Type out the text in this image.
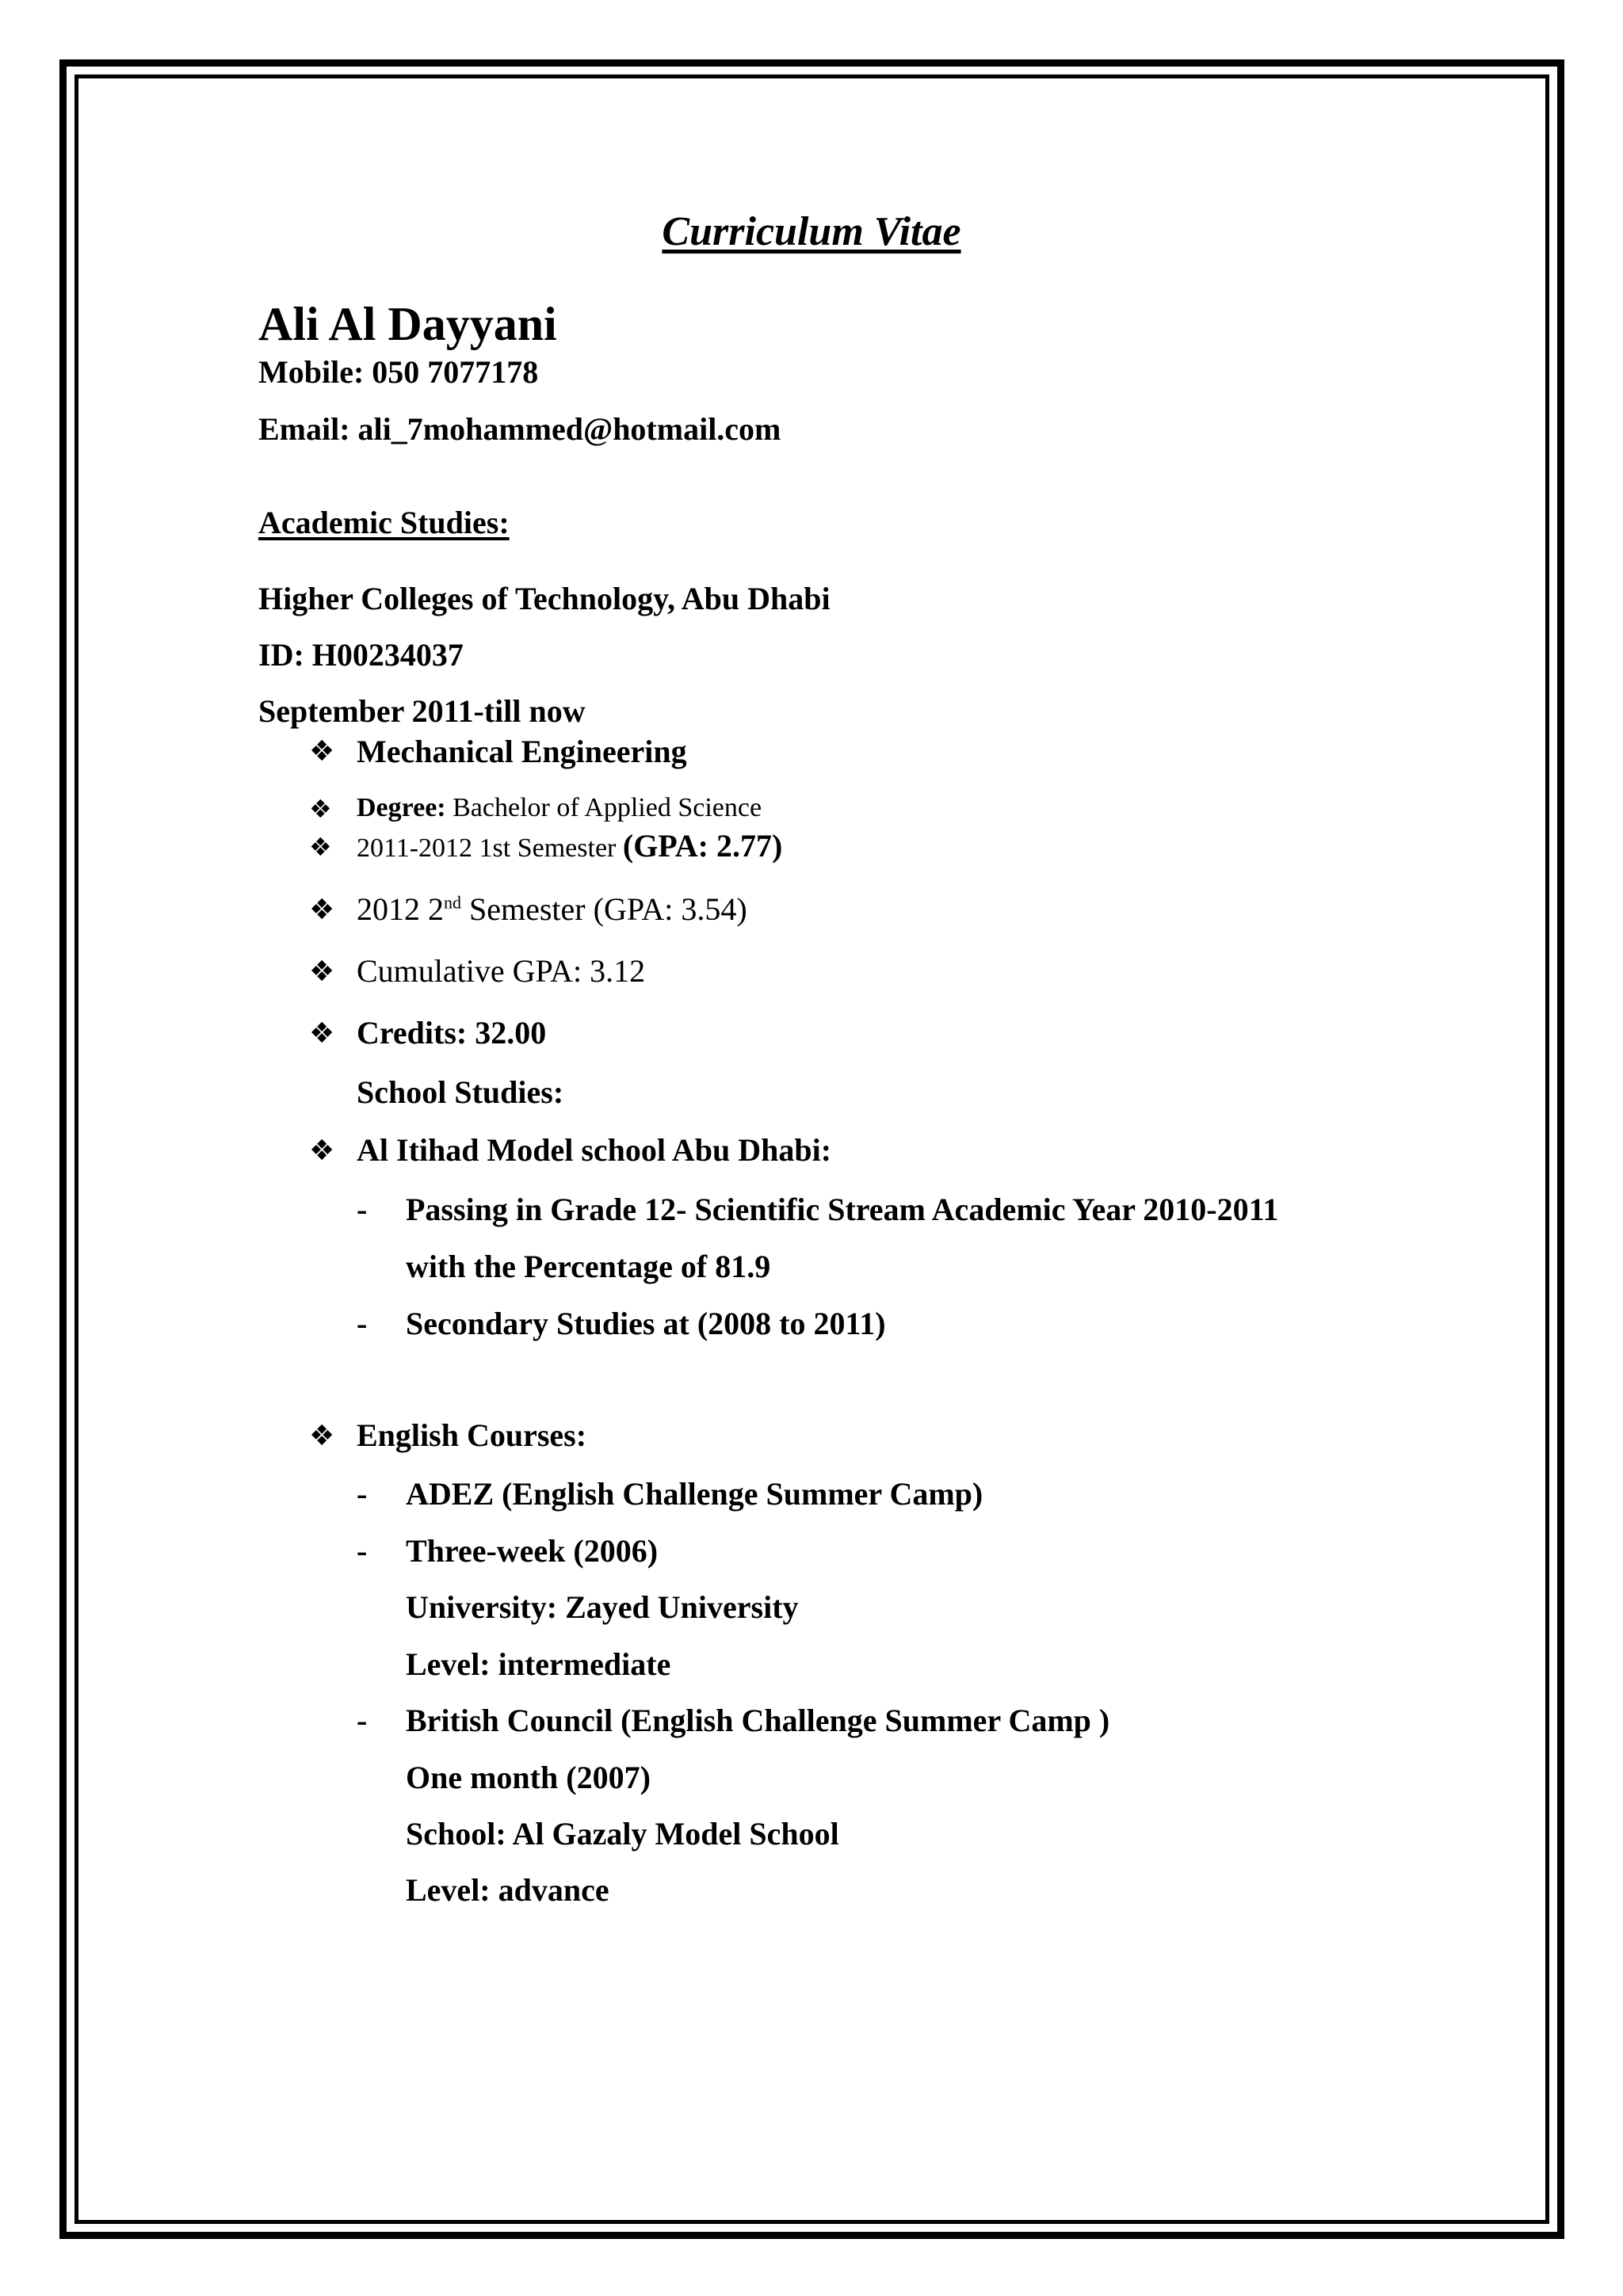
Curriculum Vitae
Ali Al Dayyani
Mobile: 050 7077178
Email: ali_7mohammed@hotmail.com
Academic Studies:
Higher Colleges of Technology, Abu Dhabi
ID: H00234037
September 2011-till now
❖ Mechanical Engineering
❖ Degree: Bachelor of Applied Science
❖ 2011-2012 1st Semester (GPA: 2.77)
❖ 2012 2nd Semester (GPA: 3.54)
❖ Cumulative GPA: 3.12
❖ Credits: 32.00
School Studies:
❖ Al Itihad Model school Abu Dhabi:
- Passing in Grade 12- Scientific Stream Academic Year 2010-2011
with the Percentage of 81.9
- Secondary Studies at (2008 to 2011)
❖ English Courses:
- ADEZ (English Challenge Summer Camp)
- Three-week (2006)
University: Zayed University
Level: intermediate
- British Council (English Challenge Summer Camp )
One month (2007)
School: Al Gazaly Model School
Level: advance
